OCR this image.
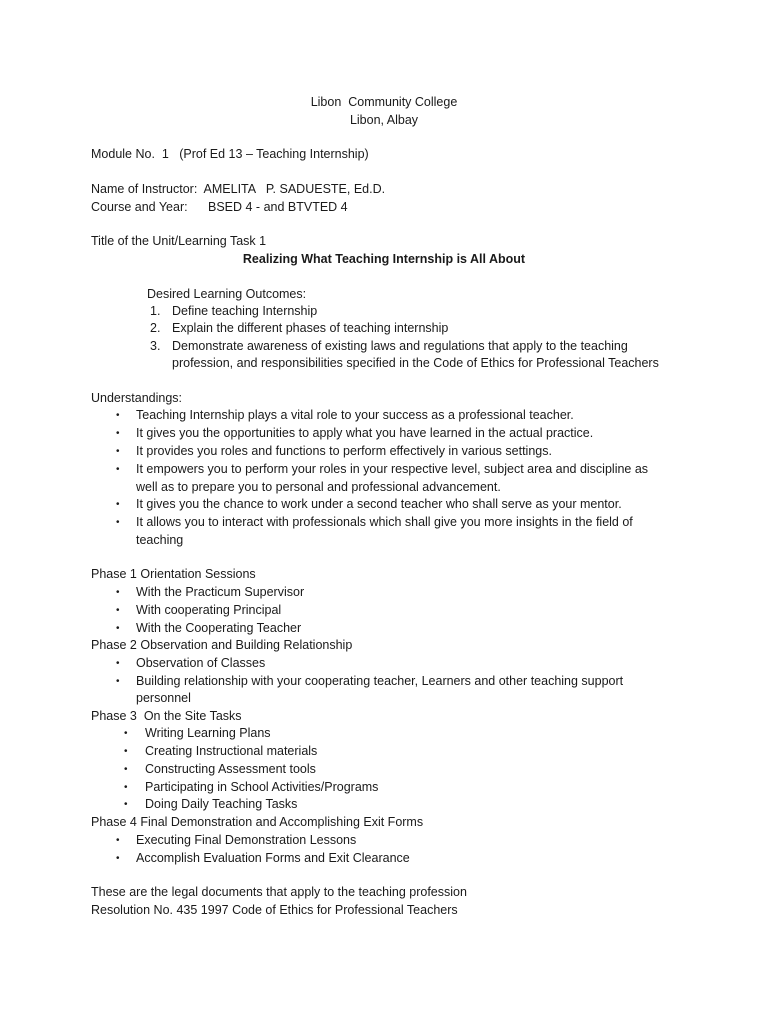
Libon  Community College
Libon, Albay
Module No.  1   (Prof Ed 13 – Teaching Internship)
Name of Instructor:  AMELITA   P. SADUESTE, Ed.D.
Course and Year: BSED 4 - and BTVTED 4
Title of the Unit/Learning Task 1
Realizing What Teaching Internship is All About
Desired Learning Outcomes:
1. Define teaching Internship
2. Explain the different phases of teaching internship
3. Demonstrate awareness of existing laws and regulations that apply to the teaching
profession, and responsibilities specified in the Code of Ethics for Professional Teachers
Understandings:
•
Teaching Internship plays a vital role to your success as a professional teacher.
•
It gives you the opportunities to apply what you have learned in the actual practice.
•
It provides you roles and functions to perform effectively in various settings.
•
It empowers you to perform your roles in your respective level, subject area and discipline as
well as to prepare you to personal and professional advancement.
•
It gives you the chance to work under a second teacher who shall serve as your mentor.
•
It allows you to interact with professionals which shall give you more insights in the field of
teaching
Phase 1 Orientation Sessions
•
With the Practicum Supervisor
•
With cooperating Principal
•
With the Cooperating Teacher
Phase 2 Observation and Building Relationship
•
Observation of Classes
•
Building relationship with your cooperating teacher, Learners and other teaching support
personnel
Phase 3  On the Site Tasks
•
Writing Learning Plans
•
Creating Instructional materials
•
Constructing Assessment tools
•
Participating in School Activities/Programs
•
Doing Daily Teaching Tasks
Phase 4 Final Demonstration and Accomplishing Exit Forms
•
Executing Final Demonstration Lessons
•
Accomplish Evaluation Forms and Exit Clearance
These are the legal documents that apply to the teaching profession
Resolution No. 435 1997 Code of Ethics for Professional Teachers
